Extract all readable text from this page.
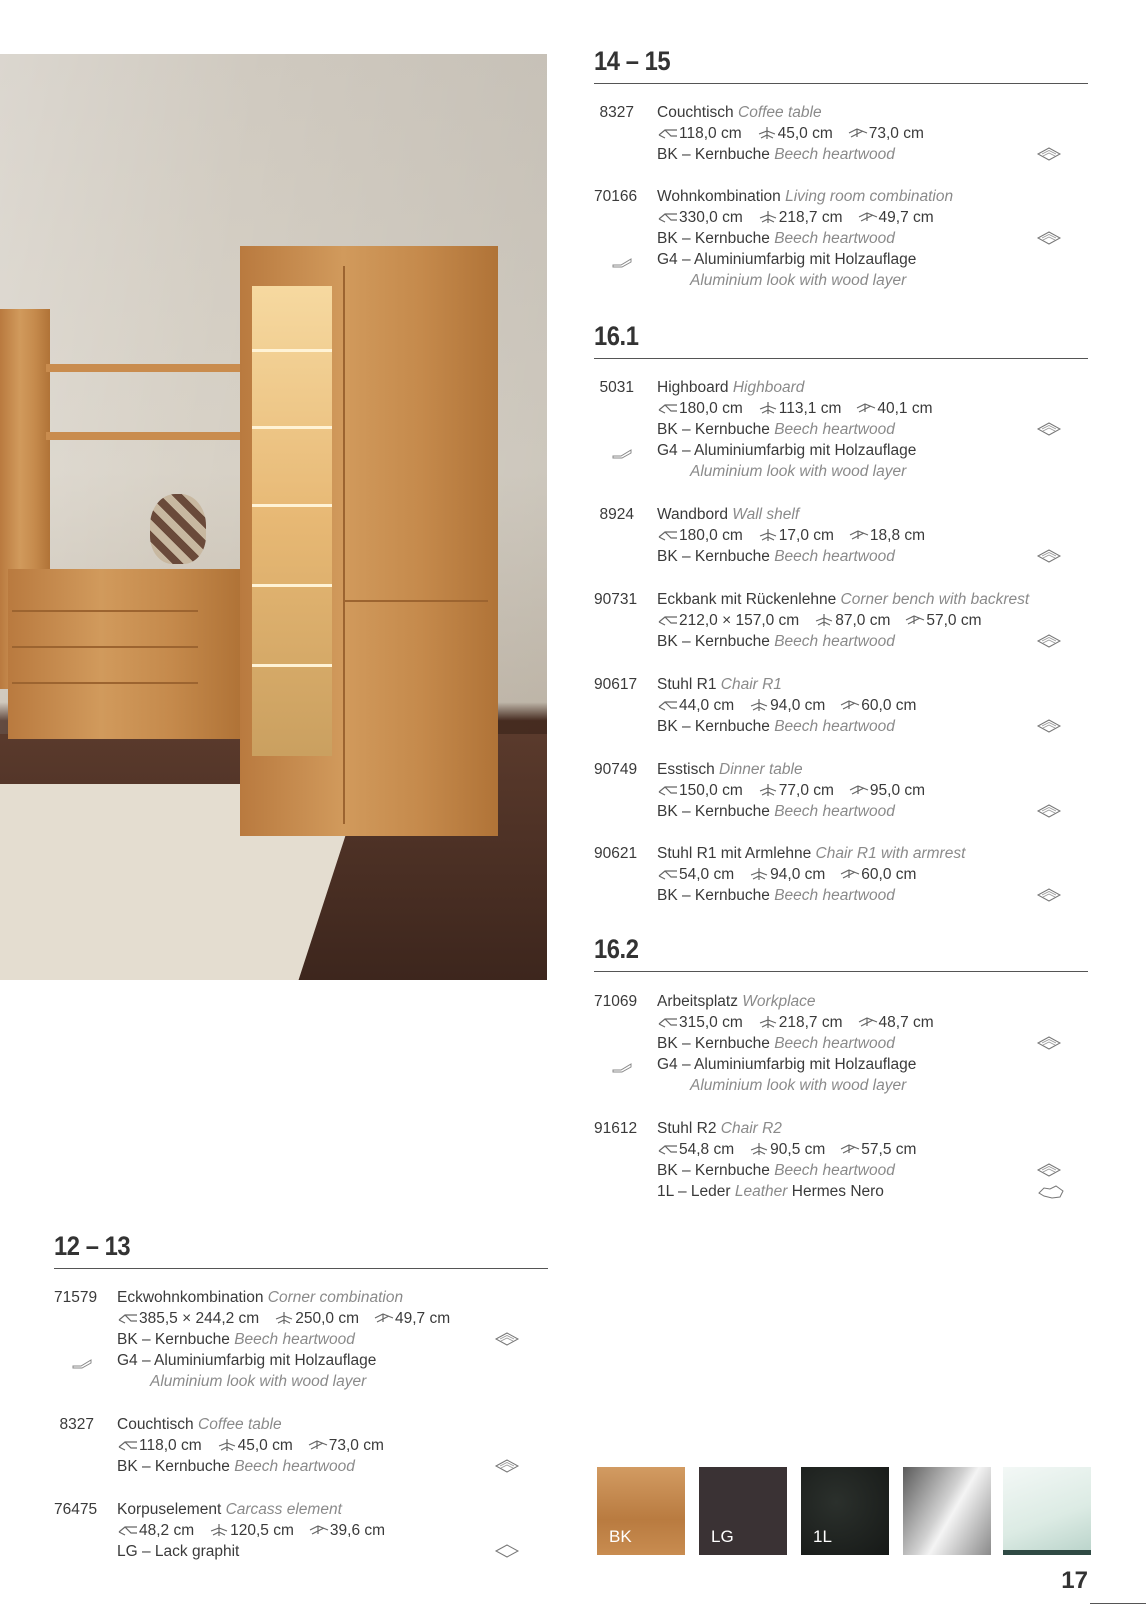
14 – 15
8327 Couchtisch Coffee table
118,0 cm 45,0 cm 73,0 cm
BK – Kernbuche Beech heartwood
70166 Wohnkombination Living room combination
330,0 cm 218,7 cm 49,7 cm
BK – Kernbuche Beech heartwood
G4 – Aluminiumfarbig mit Holzauflage
Aluminium look with wood layer
5031 Highboard Highboard
180,0 cm 113,1 cm 40,1 cm
BK – Kernbuche Beech heartwood
G4 – Aluminiumfarbig mit Holzauflage
Aluminium look with wood layer
8924 Wandbord Wall shelf
180,0 cm 17,0 cm 18,8 cm
BK – Kernbuche Beech heartwood
90731 Eckbank mit Rückenlehne Corner bench with backrest
212,0 × 157,0 cm 87,0 cm 57,0 cm
BK – Kernbuche Beech heartwood
90617 Stuhl R1 Chair R1
44,0 cm 94,0 cm 60,0 cm
BK – Kernbuche Beech heartwood
90749 Esstisch Dinner table
150,0 cm 77,0 cm 95,0 cm
BK – Kernbuche Beech heartwood
90621 Stuhl R1 mit Armlehne Chair R1 with armrest
54,0 cm 94,0 cm 60,0 cm
BK – Kernbuche Beech heartwood
71069 Arbeitsplatz Workplace
315,0 cm 218,7 cm 48,7 cm
BK – Kernbuche Beech heartwood
G4 – Aluminiumfarbig mit Holzauflage
Aluminium look with wood layer
91612 Stuhl R2 Chair R2
54,8 cm 90,5 cm 57,5 cm
BK – Kernbuche Beech heartwood
1L – Leder Leather Hermes Nero
71579 Eckwohnkombination Corner combination
385,5 × 244,2 cm 250,0 cm 49,7 cm
BK – Kernbuche Beech heartwood
G4 – Aluminiumfarbig mit Holzauflage
Aluminium look with wood layer
8327 Couchtisch Coffee table
118,0 cm 45,0 cm 73,0 cm
BK – Kernbuche Beech heartwood
76475 Korpuselement Carcass element
48,2 cm 120,5 cm 39,6 cm
LG – Lack graphit
16.1
16.2
12 – 13
BK	LG	1L
17
